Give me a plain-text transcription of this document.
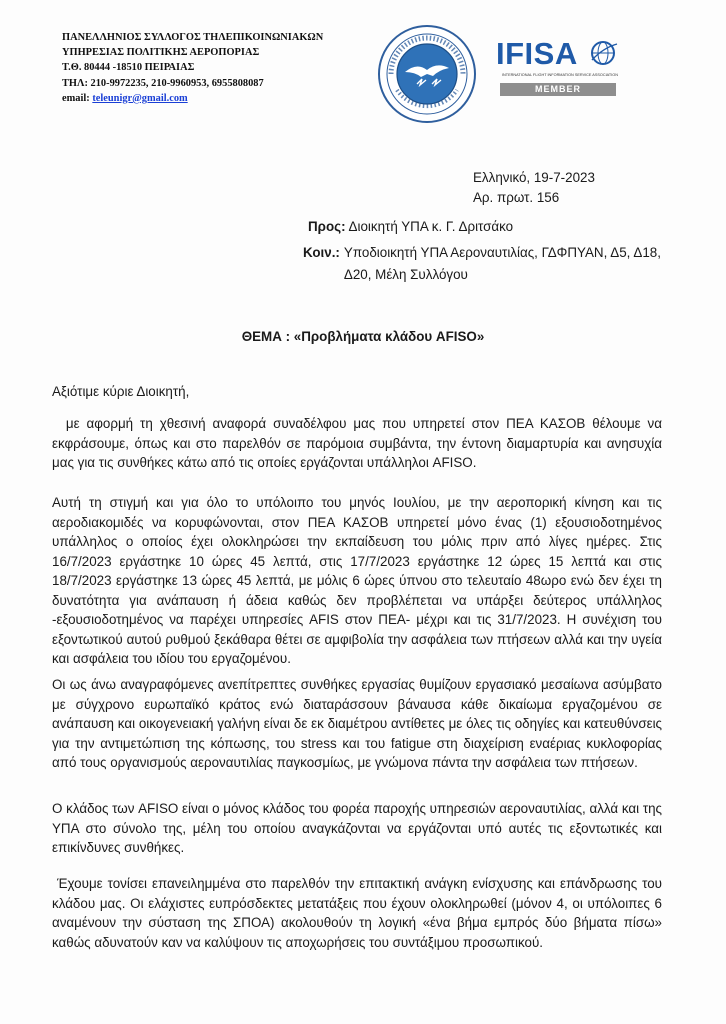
ΠΑΝΕΛΛΗΝΙΟΣ ΣΥΛΛΟΓΟΣ ΤΗΛΕΠΙΚΟΙΝΩΝΙΑΚΩΝ
ΥΠΗΡΕΣΙΑΣ ΠΟΛΙΤΙΚΗΣ ΑΕΡΟΠΟΡΙΑΣ
Τ.Θ. 80444 -18510 ΠΕΙΡΑΙΑΣ
ΤΗΛ: 210-9972235, 210-9960953, 6955808087
email: teleunigr@gmail.com
IFISA
INTERNATIONAL FLIGHT INFORMATION SERVICE ASSOCIATION
MEMBER
Ελληνικό, 19-7-2023
Αρ. πρωτ. 156
Προς: Διοικητή ΥΠΑ κ. Γ. Δριτσάκο
Κοιν.: Υποδιοικητή ΥΠΑ Αεροναυτιλίας, ΓΔΦΠΥΑΝ, Δ5, Δ18, Δ20, Μέλη Συλλόγου
ΘΕΜΑ : «Προβλήματα κλάδου AFISO»
Αξιότιμε κύριε Διοικητή,

με αφορμή τη χθεσινή αναφορά συναδέλφου μας που υπηρετεί στον ΠΕΑ ΚΑΣΟΒ θέλουμε να εκφράσουμε, όπως και στο παρελθόν σε παρόμοια συμβάντα, την έντονη διαμαρτυρία και ανησυχία μας για τις συνθήκες κάτω από τις οποίες εργάζονται υπάλληλοι AFISO.

Αυτή τη στιγμή και για όλο το υπόλοιπο του μηνός Ιουλίου, με την αεροπορική κίνηση και τις αεροδιακομιδές να κορυφώνονται, στον ΠΕΑ ΚΑΣΟΒ υπηρετεί μόνο ένας (1) εξουσιοδοτημένος υπάλληλος ο οποίος έχει ολοκληρώσει την εκπαίδευση του μόλις πριν από λίγες ημέρες. Στις 16/7/2023 εργάστηκε 10 ώρες 45 λεπτά, στις 17/7/2023 εργάστηκε 12 ώρες 15 λεπτά και στις 18/7/2023 εργάστηκε 13 ώρες 45 λεπτά, με μόλις 6 ώρες ύπνου στο τελευταίο 48ωρο ενώ δεν έχει τη δυνατότητα για ανάπαυση ή άδεια καθώς δεν προβλέπεται να υπάρξει δεύτερος υπάλληλος -εξουσιοδοτημένος να παρέχει υπηρεσίες AFIS στον ΠΕΑ- μέχρι και τις 31/7/2023. Η συνέχιση του εξοντωτικού αυτού ρυθμού ξεκάθαρα θέτει σε αμφιβολία την ασφάλεια των πτήσεων αλλά και την υγεία και ασφάλεια του ιδίου του εργαζομένου.

Οι ως άνω αναγραφόμενες ανεπίτρεπτες συνθήκες εργασίας θυμίζουν εργασιακό μεσαίωνα ασύμβατο με σύγχρονο ευρωπαϊκό κράτος ενώ διαταράσσουν βάναυσα κάθε δικαίωμα εργαζομένου σε ανάπαυση και οικογενειακή γαλήνη είναι δε εκ διαμέτρου αντίθετες με όλες τις οδηγίες και κατευθύνσεις για την αντιμετώπιση της κόπωσης, του stress και του fatigue στη διαχείριση εναέριας κυκλοφορίας από τους οργανισμούς αεροναυτιλίας παγκοσμίως, με γνώμονα πάντα την ασφάλεια των πτήσεων.

Ο κλάδος των AFISO είναι ο μόνος κλάδος του φορέα παροχής υπηρεσιών αεροναυτιλίας, αλλά και της ΥΠΑ στο σύνολο της, μέλη του οποίου αναγκάζονται να εργάζονται υπό αυτές τις εξοντωτικές και επικίνδυνες συνθήκες.

Έχουμε τονίσει επανειλημμένα στο παρελθόν την επιτακτική ανάγκη ενίσχυσης και επάνδρωσης του κλάδου μας. Οι ελάχιστες ευπρόσδεκτες μετατάξεις που έχουν ολοκληρωθεί (μόνον 4, οι υπόλοιπες 6 αναμένουν την σύσταση της ΣΠΟΑ) ακολουθούν τη λογική «ένα βήμα εμπρός δύο βήματα πίσω» καθώς αδυνατούν καν να καλύψουν τις αποχωρήσεις του συντάξιμου προσωπικού.
